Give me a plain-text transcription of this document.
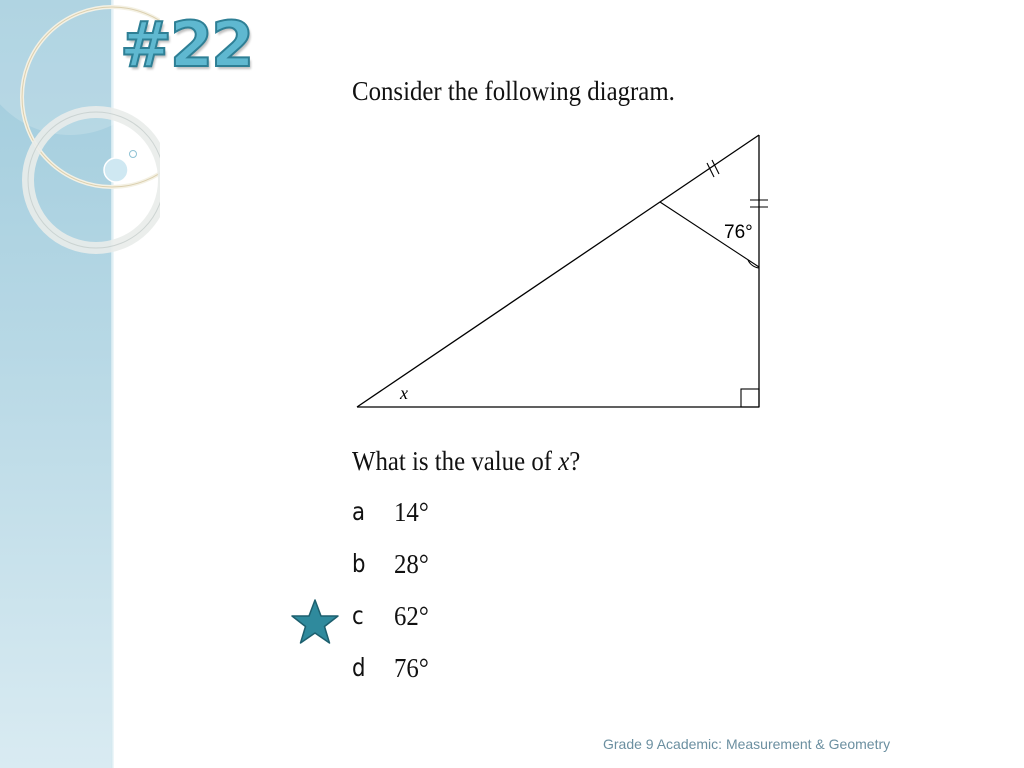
#22
Consider the following diagram.
76°
x
What is the value of x?
a 14°
b 28°
c 62°
d 76°
Grade 9 Academic: Measurement & Geometry
